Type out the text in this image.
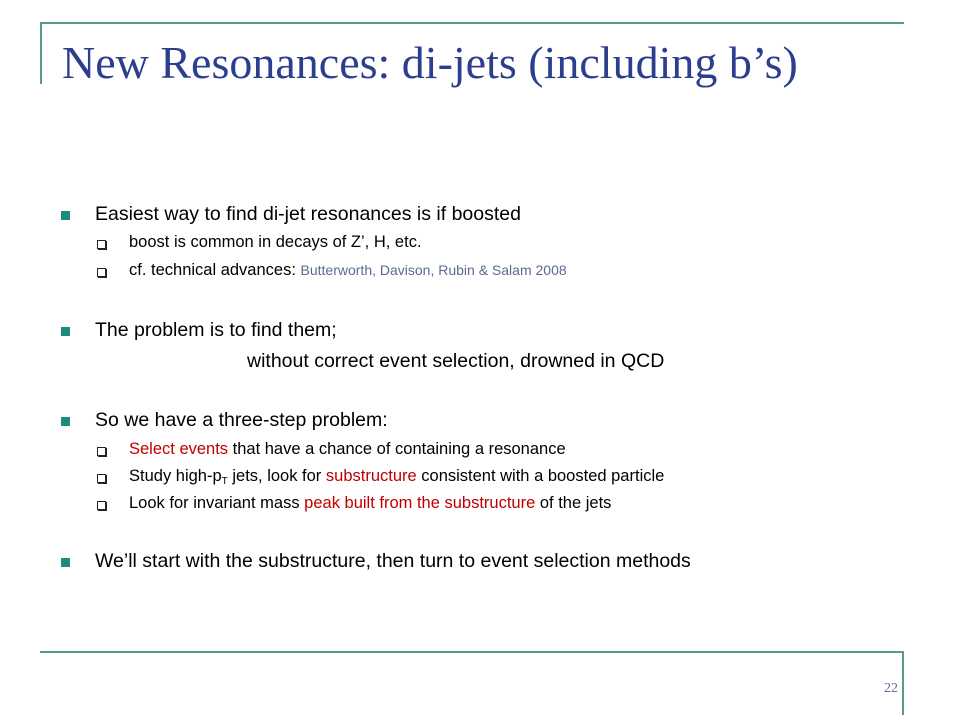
New Resonances: di-jets (including b’s)
Easiest way to find di-jet resonances is if boosted
boost is common in decays of Z’, H, etc.
cf. technical advances: Butterworth, Davison, Rubin & Salam 2008
The problem is to find them;
without correct event selection, drowned in QCD
So we have a three-step problem:
Select events that have a chance of containing a resonance
Study high-$p_T$ jets, look for substructure consistent with a boosted particle
Look for invariant mass peak built from the substructure of the jets
We’ll start with the substructure, then turn to event selection methods
22
